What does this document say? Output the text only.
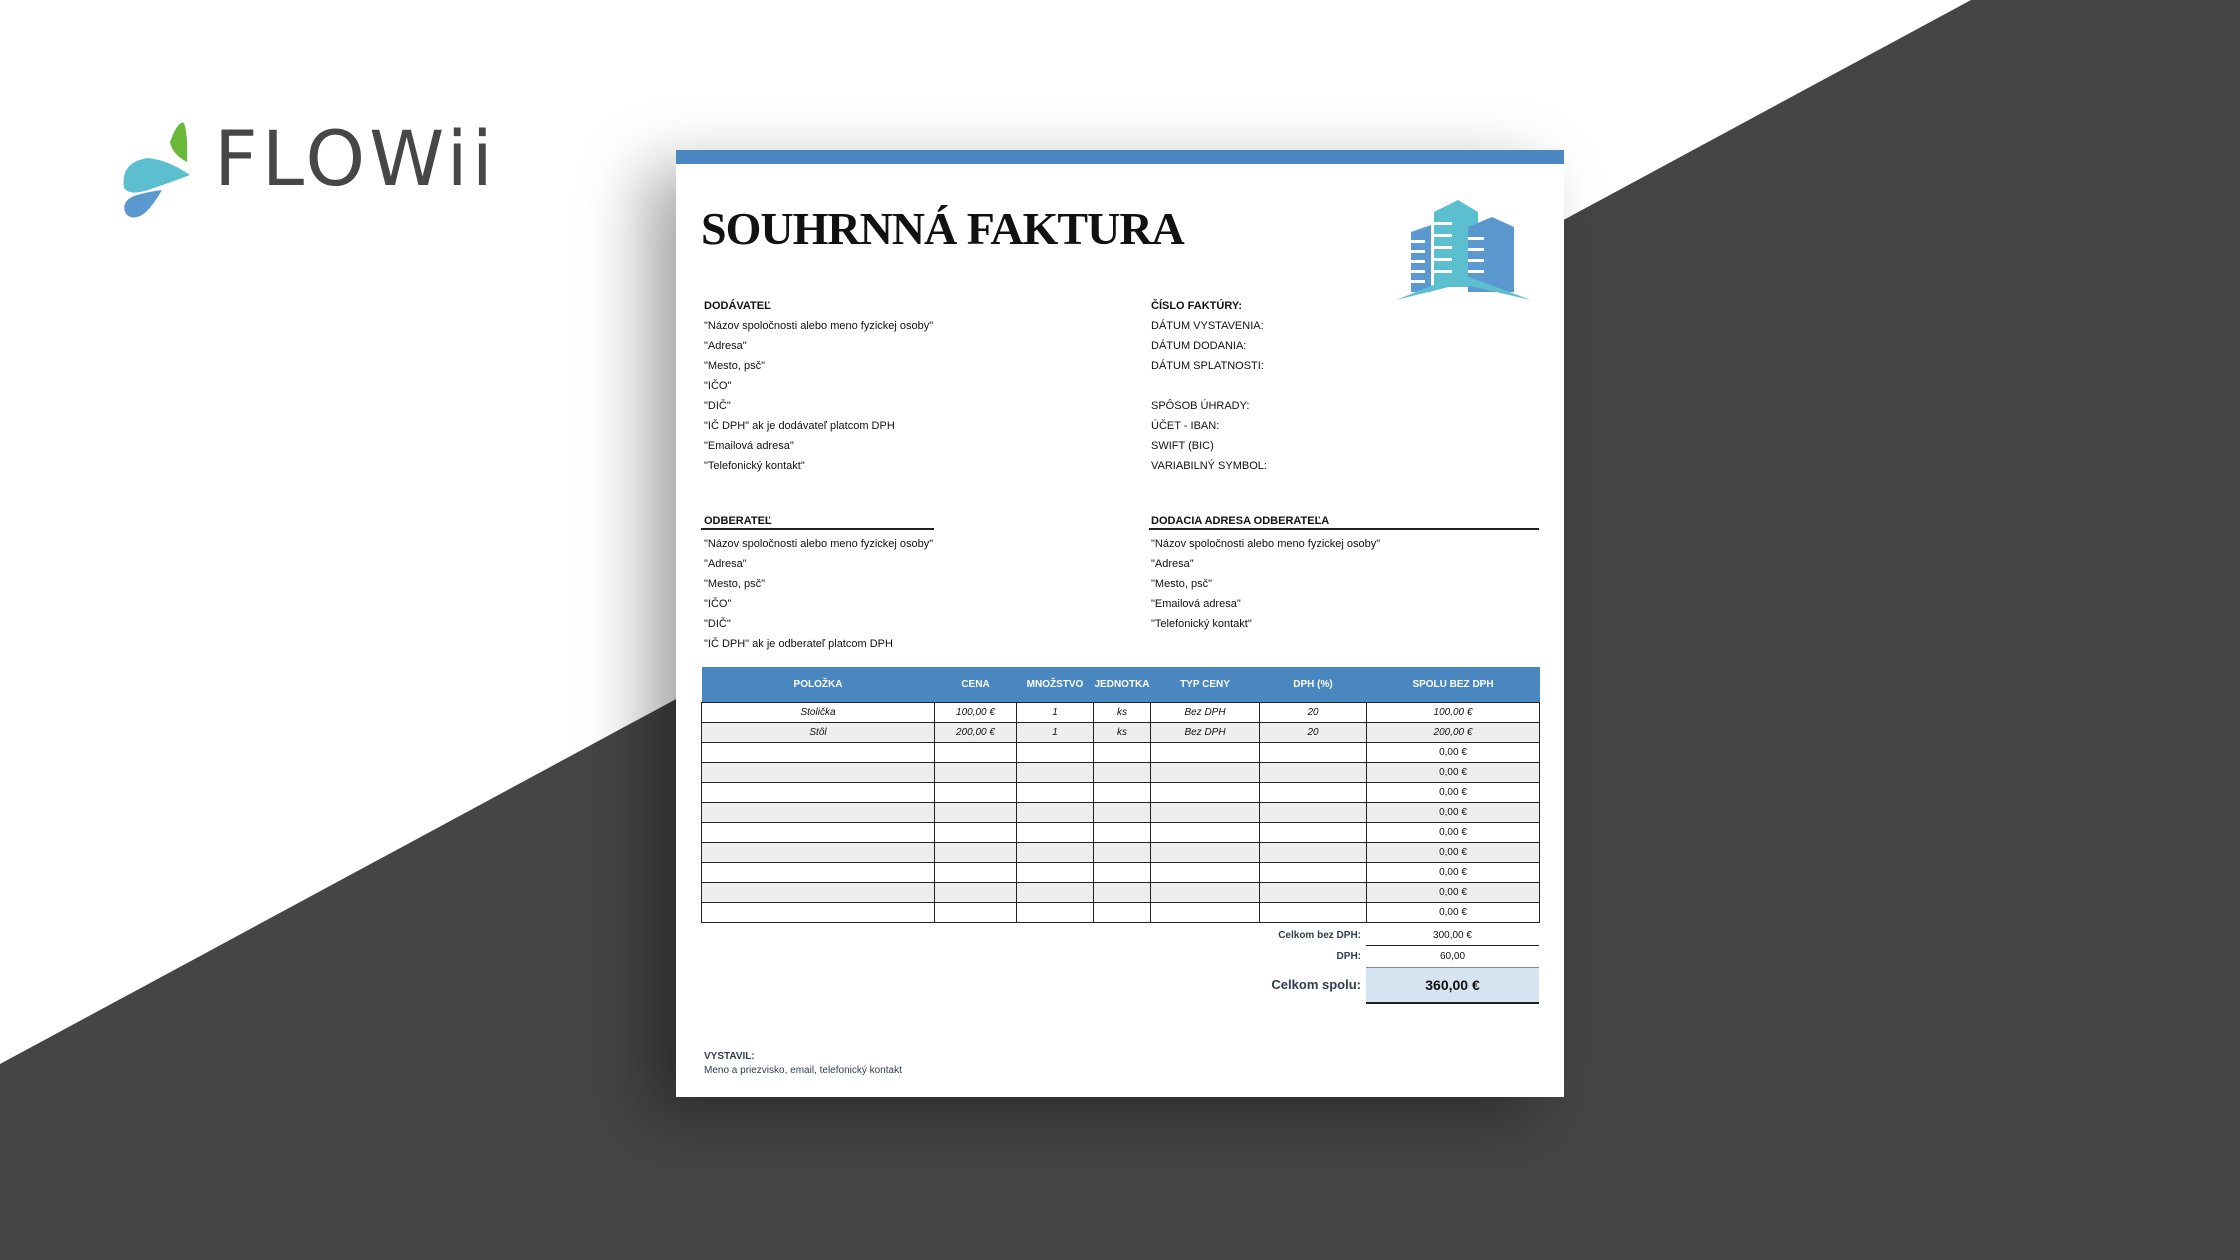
FLOWii
SOUHRNNÁ FAKTURA
DODÁVATEĽ
"Názov spoločnosti alebo meno fyzickej osoby"
"Adresa"
"Mesto, psč"
"IČO"
"DIČ"
"IČ DPH" ak je dodávateľ platcom DPH
"Emailová adresa"
"Telefonický kontakt"
ČÍSLO FAKTÚRY:
DÁTUM VYSTAVENIA:
DÁTUM DODANIA:
DÁTUM SPLATNOSTI:
SPÔSOB ÚHRADY:
ÚČET - IBAN:
SWIFT (BIC)
VARIABILNÝ SYMBOL:
ODBERATEĽ
"Názov spoločnosti alebo meno fyzickej osoby"
"Adresa"
"Mesto, psč"
"IČO"
"DIČ"
"IČ DPH" ak je odberateľ platcom DPH
DODACIA ADRESA ODBERATEĽA
"Názov spoločnosti alebo meno fyzickej osoby"
"Adresa"
"Mesto, psč"
"Emailová adresa"
"Telefonický kontakt"
POLOŽKA	CENA	MNOŽSTVO	JEDNOTKA	TYP CENY	DPH (%)	SPOLU BEZ DPH
Stolička	100,00 €	1	ks	Bez DPH	20	100,00 €
Stôl	200,00 €	1	ks	Bez DPH	20	200,00 €
						0,00 €
						0,00 €
						0,00 €
						0,00 €
						0,00 €
						0,00 €
						0,00 €
						0,00 €
						0,00 €
Celkom bez DPH:	300,00 €
DPH:	60,00
Celkom spolu:	360,00 €
VYSTAVIL:
Meno a priezvisko, email, telefonický kontakt
